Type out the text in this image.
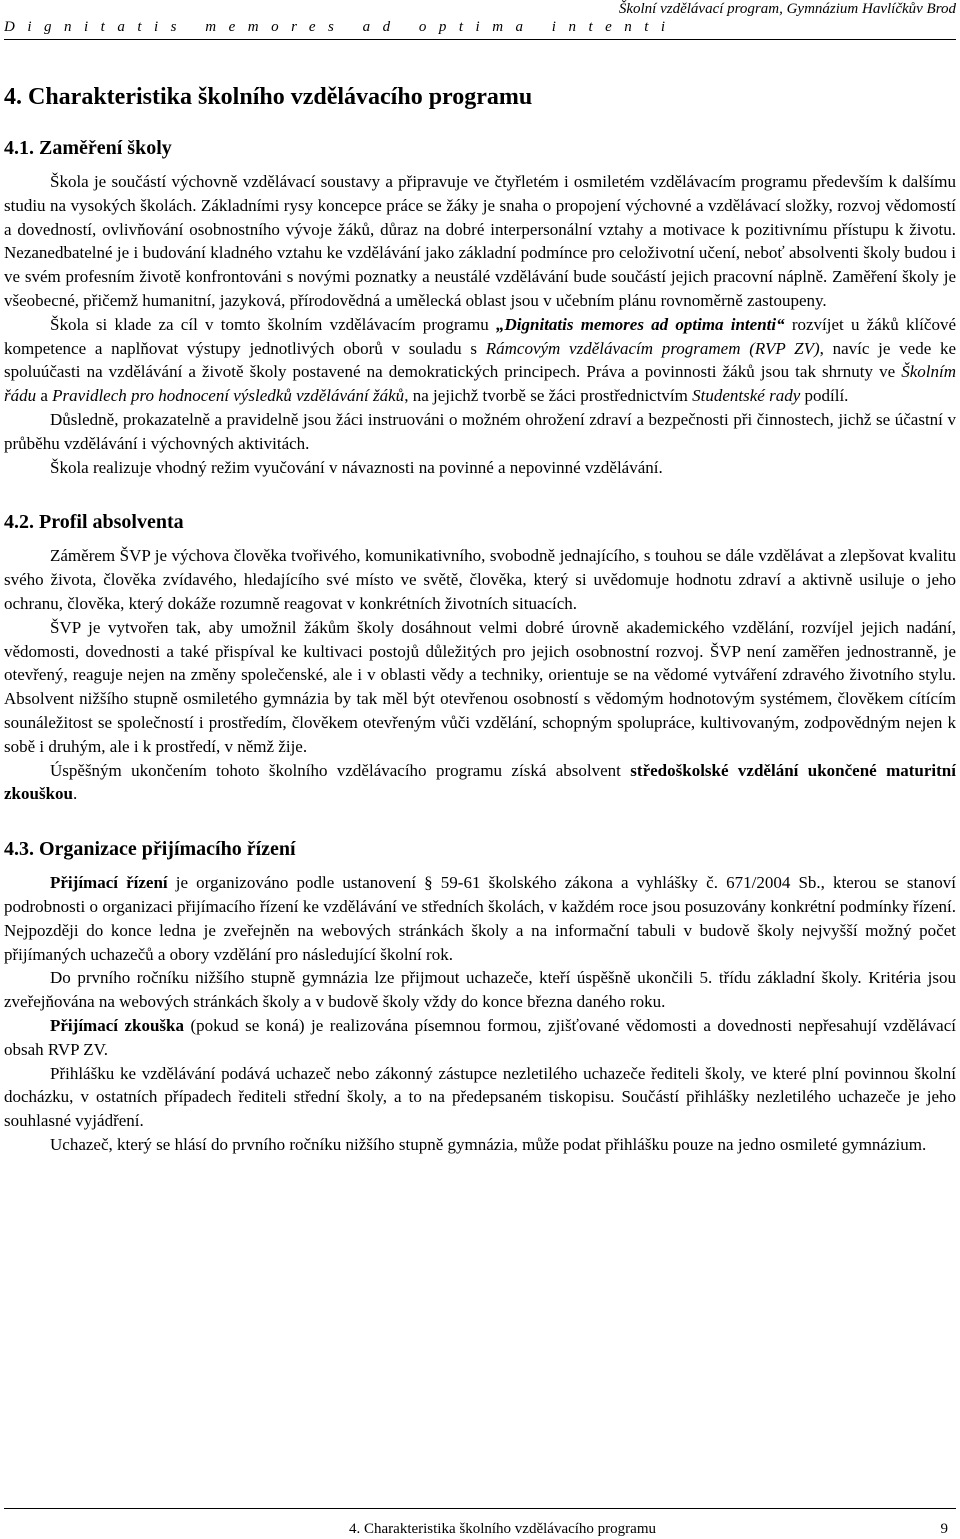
Školní vzdělávací program, Gymnázium Havlíčkův Brod
Dignitatis memores ad optima intenti
4. Charakteristika školního vzdělávacího programu
4.1. Zaměření školy

Škola je součástí výchovně vzdělávací soustavy a připravuje ve čtyřletém i osmiletém vzdělávacím programu především k dalšímu studiu na vysokých školách. Základními rysy koncepce práce se žáky je snaha o propojení výchovné a vzdělávací složky, rozvoj vědomostí a dovedností, ovlivňování osobnostního vývoje žáků, důraz na dobré interpersonální vztahy a motivace k pozitivnímu přístupu k životu. Nezanedbatelné je i budování kladného vztahu ke vzdělávání jako základní podmínce pro celoživotní učení, neboť absolventi školy budou i ve svém profesním životě konfrontováni s novými poznatky a neustálé vzdělávání bude součástí jejich pracovní náplně. Zaměření školy je všeobecné, přičemž humanitní, jazyková, přírodovědná a umělecká oblast jsou v učebním plánu rovnoměrně zastoupeny.

Škola si klade za cíl v tomto školním vzdělávacím programu „Dignitatis memores ad optima intenti“ rozvíjet u žáků klíčové kompetence a naplňovat výstupy jednotlivých oborů v souladu s Rámcovým vzdělávacím programem (RVP ZV), navíc je vede ke spoluúčasti na vzdělávání a životě školy postavené na demokratických principech. Práva a povinnosti žáků jsou tak shrnuty ve Školním řádu a Pravidlech pro hodnocení výsledků vzdělávání žáků, na jejichž tvorbě se žáci prostřednictvím Studentské rady podílí.

Důsledně, prokazatelně a pravidelně jsou žáci instruováni o možném ohrožení zdraví a bezpečnosti při činnostech, jichž se účastní v průběhu vzdělávání i výchovných aktivitách.

Škola realizuje vhodný režim vyučování v návaznosti na povinné a nepovinné vzdělávání.

4.2. Profil absolventa

Záměrem ŠVP je výchova člověka tvořivého, komunikativního, svobodně jednajícího, s touhou se dále vzdělávat a zlepšovat kvalitu svého života, člověka zvídavého, hledajícího své místo ve světě, člověka, který si uvědomuje hodnotu zdraví a aktivně usiluje o jeho ochranu, člověka, který dokáže rozumně reagovat v konkrétních životních situacích.

ŠVP je vytvořen tak, aby umožnil žákům školy dosáhnout velmi dobré úrovně akademického vzdělání, rozvíjel jejich nadání, vědomosti, dovednosti a také přispíval ke kultivaci postojů důležitých pro jejich osobnostní rozvoj. ŠVP není zaměřen jednostranně, je otevřený, reaguje nejen na změny společenské, ale i v oblasti vědy a techniky, orientuje se na vědomé vytváření zdravého životního stylu. Absolvent nižšího stupně osmiletého gymnázia by tak měl být otevřenou osobností s vědomým hodnotovým systémem, člověkem cítícím sounáležitost se společností i prostředím, člověkem otevřeným vůči vzdělání, schopným spolupráce, kultivovaným, zodpovědným nejen k sobě i druhým, ale i k prostředí, v němž žije.

Úspěšným ukončením tohoto školního vzdělávacího programu získá absolvent středoškolské vzdělání ukončené maturitní zkouškou.

4.3. Organizace přijímacího řízení

Přijímací řízení je organizováno podle ustanovení § 59-61 školského zákona a vyhlášky č. 671/2004 Sb., kterou se stanoví podrobnosti o organizaci přijímacího řízení ke vzdělávání ve středních školách, v každém roce jsou posuzovány konkrétní podmínky řízení. Nejpozději do konce ledna je zveřejněn na webových stránkách školy a na informační tabuli v budově školy nejvyšší možný počet přijímaných uchazečů a obory vzdělání pro následující školní rok.

Do prvního ročníku nižšího stupně gymnázia lze přijmout uchazeče, kteří úspěšně ukončili 5. třídu základní školy. Kritéria jsou zveřejňována na webových stránkách školy a v budově školy vždy do konce března daného roku.

Přijímací zkouška (pokud se koná) je realizována písemnou formou, zjišťované vědomosti a dovednosti nepřesahují vzdělávací obsah RVP ZV.

Přihlášku ke vzdělávání podává uchazeč nebo zákonný zástupce nezletilého uchazeče řediteli školy, ve které plní povinnou školní docházku, v ostatních případech řediteli střední školy, a to na předepsaném tiskopisu. Součástí přihlášky nezletilého uchazeče je jeho souhlasné vyjádření.

Uchazeč, který se hlásí do prvního ročníku nižšího stupně gymnázia, může podat přihlášku pouze na jedno osmileté gymnázium.

4. Charakteristika školního vzdělávacího programu	9
